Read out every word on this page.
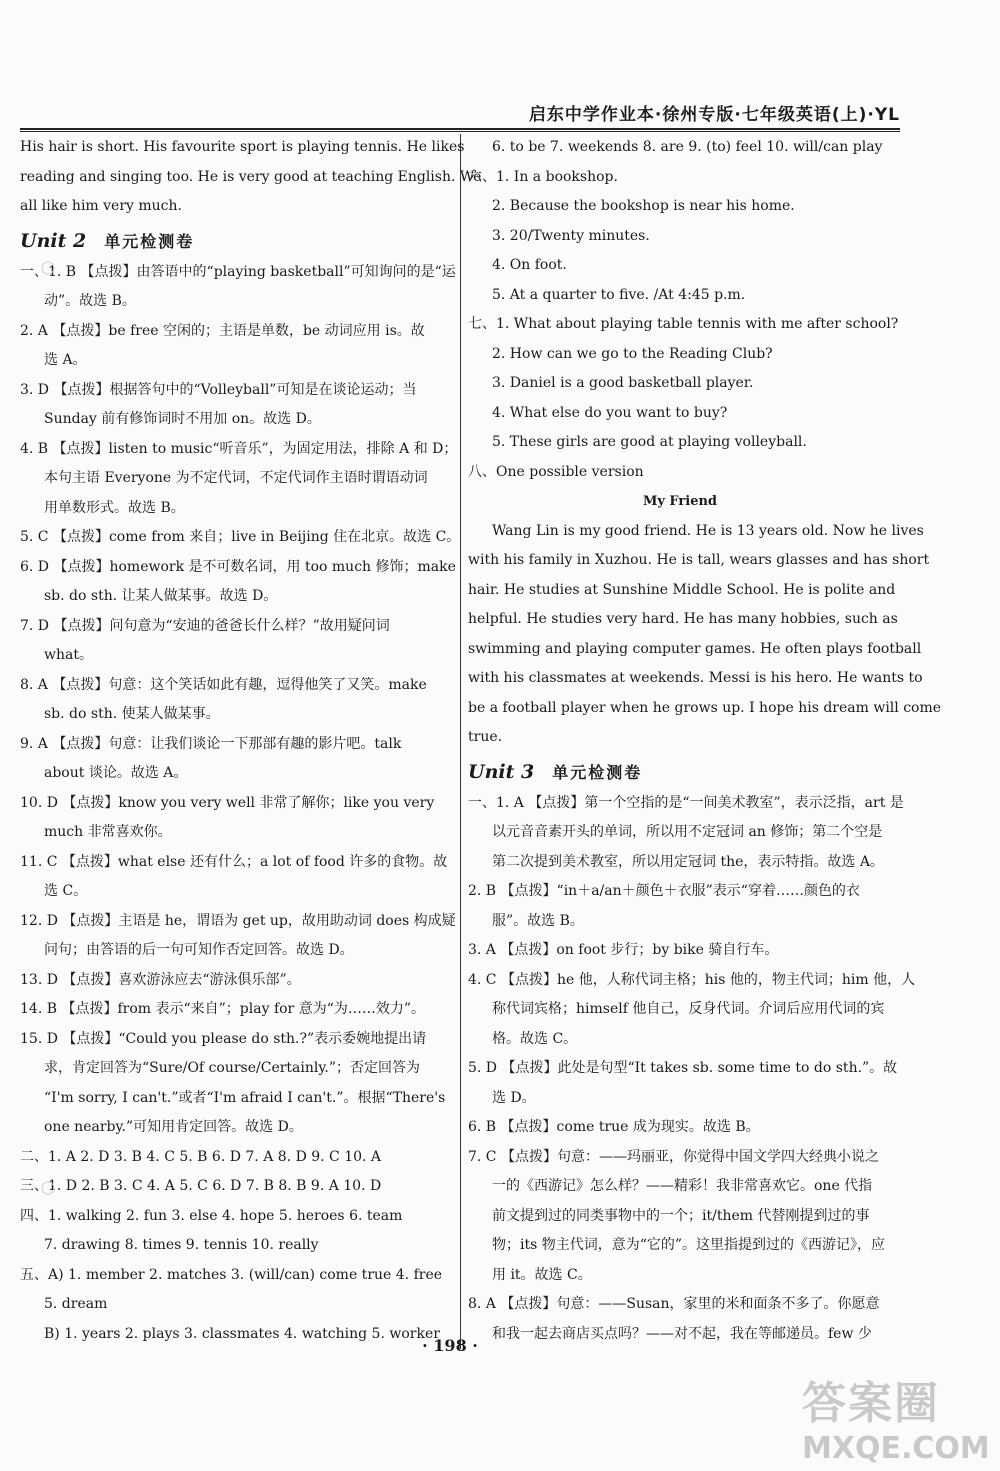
启东中学作业本·徐州专版·七年级英语(上)·YL
His hair is short. His favourite sport is playing tennis. He likes
reading and singing too. He is very good at teaching English. We
all like him very much.
Unit 2 单元检测卷
一、1. B 【点拨】由答语中的“playing basketball”可知询问的是“运
动”。故选 B。
2. A 【点拨】be free 空闲的；主语是单数，be 动词应用 is。故
选 A。
3. D 【点拨】根据答句中的“Volleyball”可知是在谈论运动；当
Sunday 前有修饰词时不用加 on。故选 D。
4. B 【点拨】listen to music“听音乐”，为固定用法，排除 A 和 D；
本句主语 Everyone 为不定代词，不定代词作主语时谓语动词
用单数形式。故选 B。
5. C 【点拨】come from 来自；live in Beijing 住在北京。故选 C。
6. D 【点拨】homework 是不可数名词，用 too much 修饰；make
sb. do sth. 让某人做某事。故选 D。
7. D 【点拨】问句意为“安迪的爸爸长什么样？”故用疑问词
what。
8. A 【点拨】句意：这个笑话如此有趣，逗得他笑了又笑。make
sb. do sth. 使某人做某事。
9. A 【点拨】句意：让我们谈论一下那部有趣的影片吧。talk
about 谈论。故选 A。
10. D 【点拨】know you very well 非常了解你；like you very
much 非常喜欢你。
11. C 【点拨】what else 还有什么；a lot of food 许多的食物。故
选 C。
12. D 【点拨】主语是 he，谓语为 get up，故用助动词 does 构成疑
问句；由答语的后一句可知作否定回答。故选 D。
13. D 【点拨】喜欢游泳应去“游泳俱乐部”。
14. B 【点拨】from 表示“来自”；play for 意为“为……效力”。
15. D 【点拨】“Could you please do sth.?”表示委婉地提出请
求，肯定回答为“Sure/Of course/Certainly.”；否定回答为
“I'm sorry, I can't.”或者“I'm afraid I can't.”。根据“There's
one nearby.”可知用肯定回答。故选 D。
二、1. A 2. D 3. B 4. C 5. B 6. D 7. A 8. D 9. C 10. A
三、1. D 2. B 3. C 4. A 5. C 6. D 7. B 8. B 9. A 10. D
四、1. walking 2. fun 3. else 4. hope 5. heroes 6. team
7. drawing 8. times 9. tennis 10. really
五、A) 1. member 2. matches 3. (will/can) come true 4. free
5. dream
B) 1. years 2. plays 3. classmates 4. watching 5. worker
6. to be 7. weekends 8. are 9. (to) feel 10. will/can play
六、1. In a bookshop.
2. Because the bookshop is near his home.
3. 20/Twenty minutes.
4. On foot.
5. At a quarter to five. /At 4:45 p.m.
七、1. What about playing table tennis with me after school?
2. How can we go to the Reading Club?
3. Daniel is a good basketball player.
4. What else do you want to buy?
5. These girls are good at playing volleyball.
八、One possible version
My Friend
Wang Lin is my good friend. He is 13 years old. Now he lives
with his family in Xuzhou. He is tall, wears glasses and has short
hair. He studies at Sunshine Middle School. He is polite and
helpful. He studies very hard. He has many hobbies, such as
swimming and playing computer games. He often plays football
with his classmates at weekends. Messi is his hero. He wants to
be a football player when he grows up. I hope his dream will come
true.
Unit 3 单元检测卷
一、1. A 【点拨】第一个空指的是“一间美术教室”，表示泛指，art 是
以元音音素开头的单词，所以用不定冠词 an 修饰；第二个空是
第二次提到美术教室，所以用定冠词 the，表示特指。故选 A。
2. B 【点拨】“in＋a/an＋颜色＋衣服”表示“穿着……颜色的衣
服”。故选 B。
3. A 【点拨】on foot 步行；by bike 骑自行车。
4. C 【点拨】he 他，人称代词主格；his 他的，物主代词；him 他，人
称代词宾格；himself 他自己，反身代词。介词后应用代词的宾
格。故选 C。
5. D 【点拨】此处是句型“It takes sb. some time to do sth.”。故
选 D。
6. B 【点拨】come true 成为现实。故选 B。
7. C 【点拨】句意：——玛丽亚，你觉得中国文学四大经典小说之
一的《西游记》怎么样？——精彩！我非常喜欢它。one 代指
前文提到过的同类事物中的一个；it/them 代替刚提到过的事
物；its 物主代词，意为“它的”。这里指提到过的《西游记》，应
用 it。故选 C。
8. A 【点拨】句意：——Susan，家里的米和面条不多了。你愿意
和我一起去商店买点吗？——对不起，我在等邮递员。few 少
· 198 ·
答案圈
MXQE.COM
